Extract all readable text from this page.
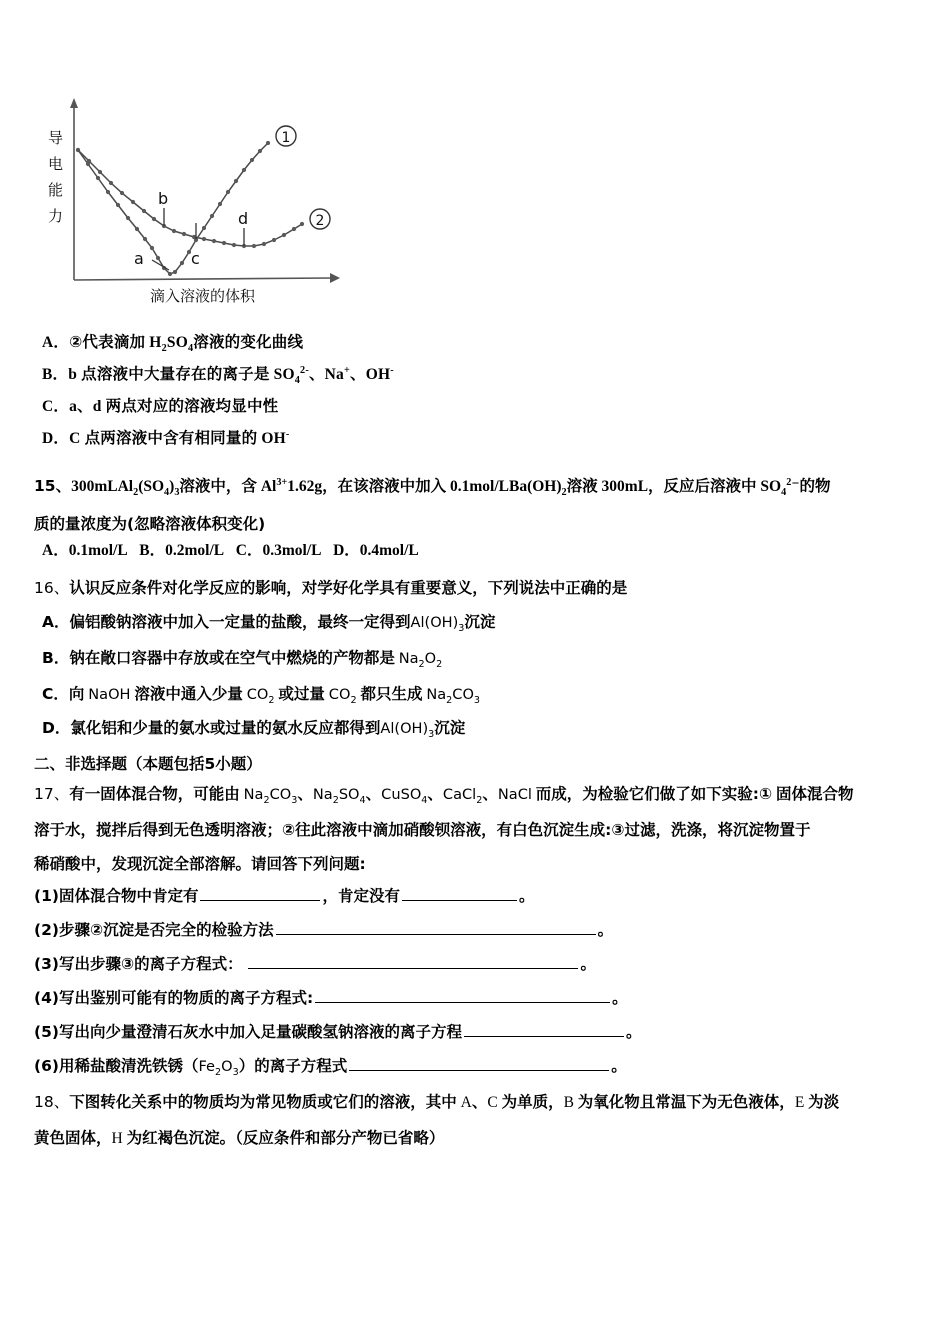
b
c
d
a
1
2
导
电
能
力
滴入溶液的体积
A．②代表滴加 $H_2SO_4$溶液的变化曲线
B．b 点溶液中大量存在的离子是 $SO_4^{2-}$、Na+、OH-
C．a、d 两点对应的溶液均显中性
D．C 点两溶液中含有相同量的 OH-
15、$300mLAl_2(SO_4)_3$溶液中，含 $Al^{3+}1.62g$，在该溶液中加入 $0.1mol/LBa(OH)_2$溶液 300mL，反应后溶液中 $SO_4^2^-$的物
质的量浓度为(忽略溶液体积变化)
A．0.1mol/L   B．0.2mol/L   C．0.3mol/L   D．0.4mol/L
16、认识反应条件对化学反应的影响，对学好化学具有重要意义，下列说法中正确的是
A．偏铝酸钠溶液中加入一定量的盐酸，最终一定得到$Al(OH)_3$沉淀
B．钠在敞口容器中存放或在空气中燃烧的产物都是 $Na_2O_2$
C．向 NaOH 溶液中通入少量 $CO_2$ 或过量 $CO_2$ 都只生成 $Na_2CO_3$
D．氯化铝和少量的氨水或过量的氨水反应都得到$Al(OH)_3$沉淀
二、非选择题（本题包括5小题）
17、有一固体混合物，可能由 $Na_2CO_3$、$Na_2SO_4$、CuSO$_4$、CaCl$_2$、NaCl 而成，为检验它们做了如下实验:① 固体混合物
溶于水，搅拌后得到无色透明溶液；②往此溶液中滴加硝酸钡溶液，有白色沉淀生成:③过滤，洗涤，将沉淀物置于
稀硝酸中，发现沉淀全部溶解。请回答下列问题:
(1)固体混合物中肯定有	，肯定没有	。
(2)步骤②沉淀是否完全的检验方法	。
(3)写出步骤③的离子方程式：	。
(4)写出鉴别可能有的物质的离子方程式:	。
(5)写出向少量澄清石灰水中加入足量碳酸氢钠溶液的离子方程	。
(6)用稀盐酸清洗铁锈$(Fe_2O_3)$的离子方程式	。
18、下图转化关系中的物质均为常见物质或它们的溶液，其中 A、C 为单质，B 为氧化物且常温下为无色液体，E 为淡
黄色固体，H 为红褐色沉淀。（反应条件和部分产物已省略）
